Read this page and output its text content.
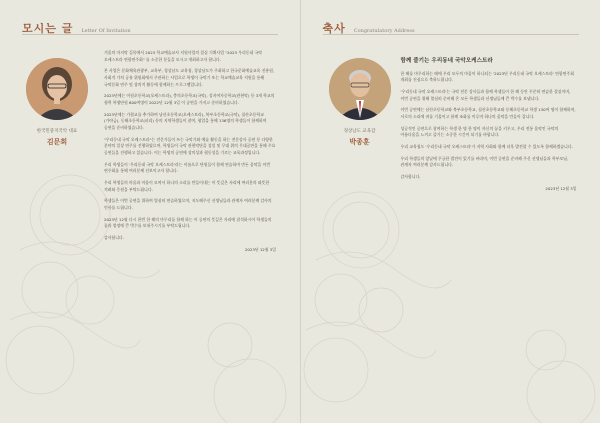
모시는 글 Letter Of Invitation
한국민중지국악 대표
김문희

겨울의 마지막 길목에서 2023 학교예술교사 지원사업의 결실 기획사업 "2023 우리동네 국악 오케스트라 연합연주회" 를 소중한 분들을 모시고 개최하고자 합니다.

본 사업은 문화체육관광부, 교육부, 경상남도 교육청, 경상남도가 주최하고 한국문화예술교육 진흥원, 사회적 가치 공유 위원회에서 주관하는 사업으로 학생이 국악기 또는 학교예술교육 지원을 통해 국악문화 연주 및 창의적 활동에 함께하는 프로그램입니다.

2023년에는 이원초등학교(오케스트라), 충의초등학교(국악), 성지여자중학교(관현악) 등 3개 학교의 협력 학생단원 600여명이 2022년 12월 3일 이 공연을 가지고 준비하였습니다.

2023년에는 가협교를 추가하여 남산초등학교(오케스트라), 북부초등학교(국악), 칠산초등학교(가야금), 동해초등학교(피리) 등의 지역학생들이 참여, 협업을 통해 136명의 학생들이 함께하며 공연을 준비하였습니다.

"우리동네 국악 오케스트라"는 전문가들이 쓰는 국악기와 예술 활동을 하는 전문강사 공연 등 다양한 분야의 일상 연주를 진행하였으며, 학생들이 국악 관현악단을 창설 및 무대 위의 무대공연을 통해 주요 공연들을 진행하고 있습니다. 이는 학생의 공연에 창의성과 협동성을 기르는 교육과정입니다.

우리 학생들이 '우리동네 국악 오케스트라'라는 이름으로 단원들이 함께 연습하며 만든 음악을 이번 연주회를 통해 여러분께 선보이고자 합니다.

우리 학생들의 마음과 마음이 모여서 하나의 소리를 만들어내는 이 뜻깊은 자리에 여러분의 따뜻한 격려와 응원을 부탁드립니다.

학생들은 이번 공연을 위하여 열심히 연습하였으며, 지도해주신 선생님들과 관계자 여러분께 감사의 인사를 드립니다.

2023년 12월 다시 한번 한 해의 마무리를 함께 하는 이 공연의 뜻깊은 자리에 참석하시어 학생들의 꿈과 열정에 큰 박수를 보내주시기를 부탁드립니다.

감사합니다.

2023년 12월 3일
축사 Congratulatory Address
경상남도 교육감
박종훈

함께 즐기는 우리동네 국악오케스트라

한 해를 마무리하는 때에 우리 모두의 마음이 하나되는 '2023년 우리동네 국악 오케스트라' 연합연주회 개최를 진심으로 축하드립니다.

'우리동네 국악 오케스트라'는 국악 전문 강사들과 함께 학생들이 한 해 동안 꾸준히 연습한 결실이며, 이번 공연을 위해 열심히 준비해 온 모든 학생들과 선생님들께 큰 박수를 보냅니다.

이번 공연에는 남산초등학교와 북부초등학교, 칠산초등학교와 동해초등학교 학생 130여 명이 함께하며, 서로의 소리에 귀를 기울이고 함께 조화를 이루며 하나의 음악을 만들어 갑니다.

성공적인 공연으로 참여하는 학생 한 명 한 명이 자신의 꿈을 키우고, 우리 전통 음악인 국악의 아름다움을 느끼고 즐기는 소중한 시간이 되기를 바랍니다.

우리 교육청도 '우리동네 국악 오케스트라'가 지역 사회와 함께 더욱 발전할 수 있도록 함께하겠습니다.

우리 학생들의 앞날에 무궁한 발전이 있기를 바라며, 이번 공연을 준비해 주신 선생님들과 학부모님, 관계자 여러분께 감사드립니다.

감사합니다.

2023년 12월 3일
